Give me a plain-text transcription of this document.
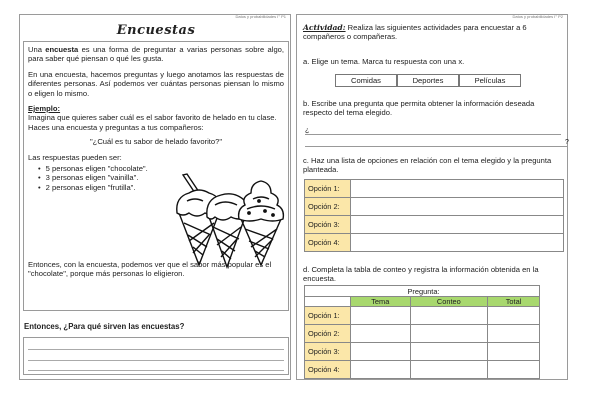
Datos y probabilidades I° P1
Encuestas

Una encuesta es una forma de preguntar a varias personas sobre algo, para saber qué piensan o qué les gusta.

En una encuesta, hacemos preguntas y luego anotamos las respuestas de diferentes personas. Así podemos ver cuántas personas piensan lo mismo o eligen lo mismo.

Ejemplo:
Imagina que quieres saber cuál es el sabor favorito de helado en tu clase. Haces una encuesta y preguntas a tus compañeros:

"¿Cuál es tu sabor de helado favorito?"

Las respuestas pueden ser:

• 5 personas eligen "chocolate".
• 3 personas eligen "vainilla".
• 2 personas eligen "frutilla".

Entonces, con la encuesta, podemos ver que el sabor más popular es el "chocolate", porque más personas lo eligieron.

Entonces, ¿Para qué sirven las encuestas?
Datos y probabilidades I° P2
Actividad: Realiza las siguientes actividades para encuestar a 6 compañeros o compañeras.
a. Elige un tema. Marca tu respuesta con una x.
Comidas	Deportes	Películas
b. Escribe una pregunta que permita obtener la información deseada respecto del tema elegido.
¿
?
c. Haz una lista de opciones en relación con el tema elegido y la pregunta planteada.
Opción 1:	
Opción 2:	
Opción 3:	
Opción 4:	
d. Completa la tabla de conteo y registra la información obtenida en la encuesta.
Pregunta:			
	Tema	Conteo	Total
Opción 1:			
Opción 2:			
Opción 3:			
Opción 4:			
